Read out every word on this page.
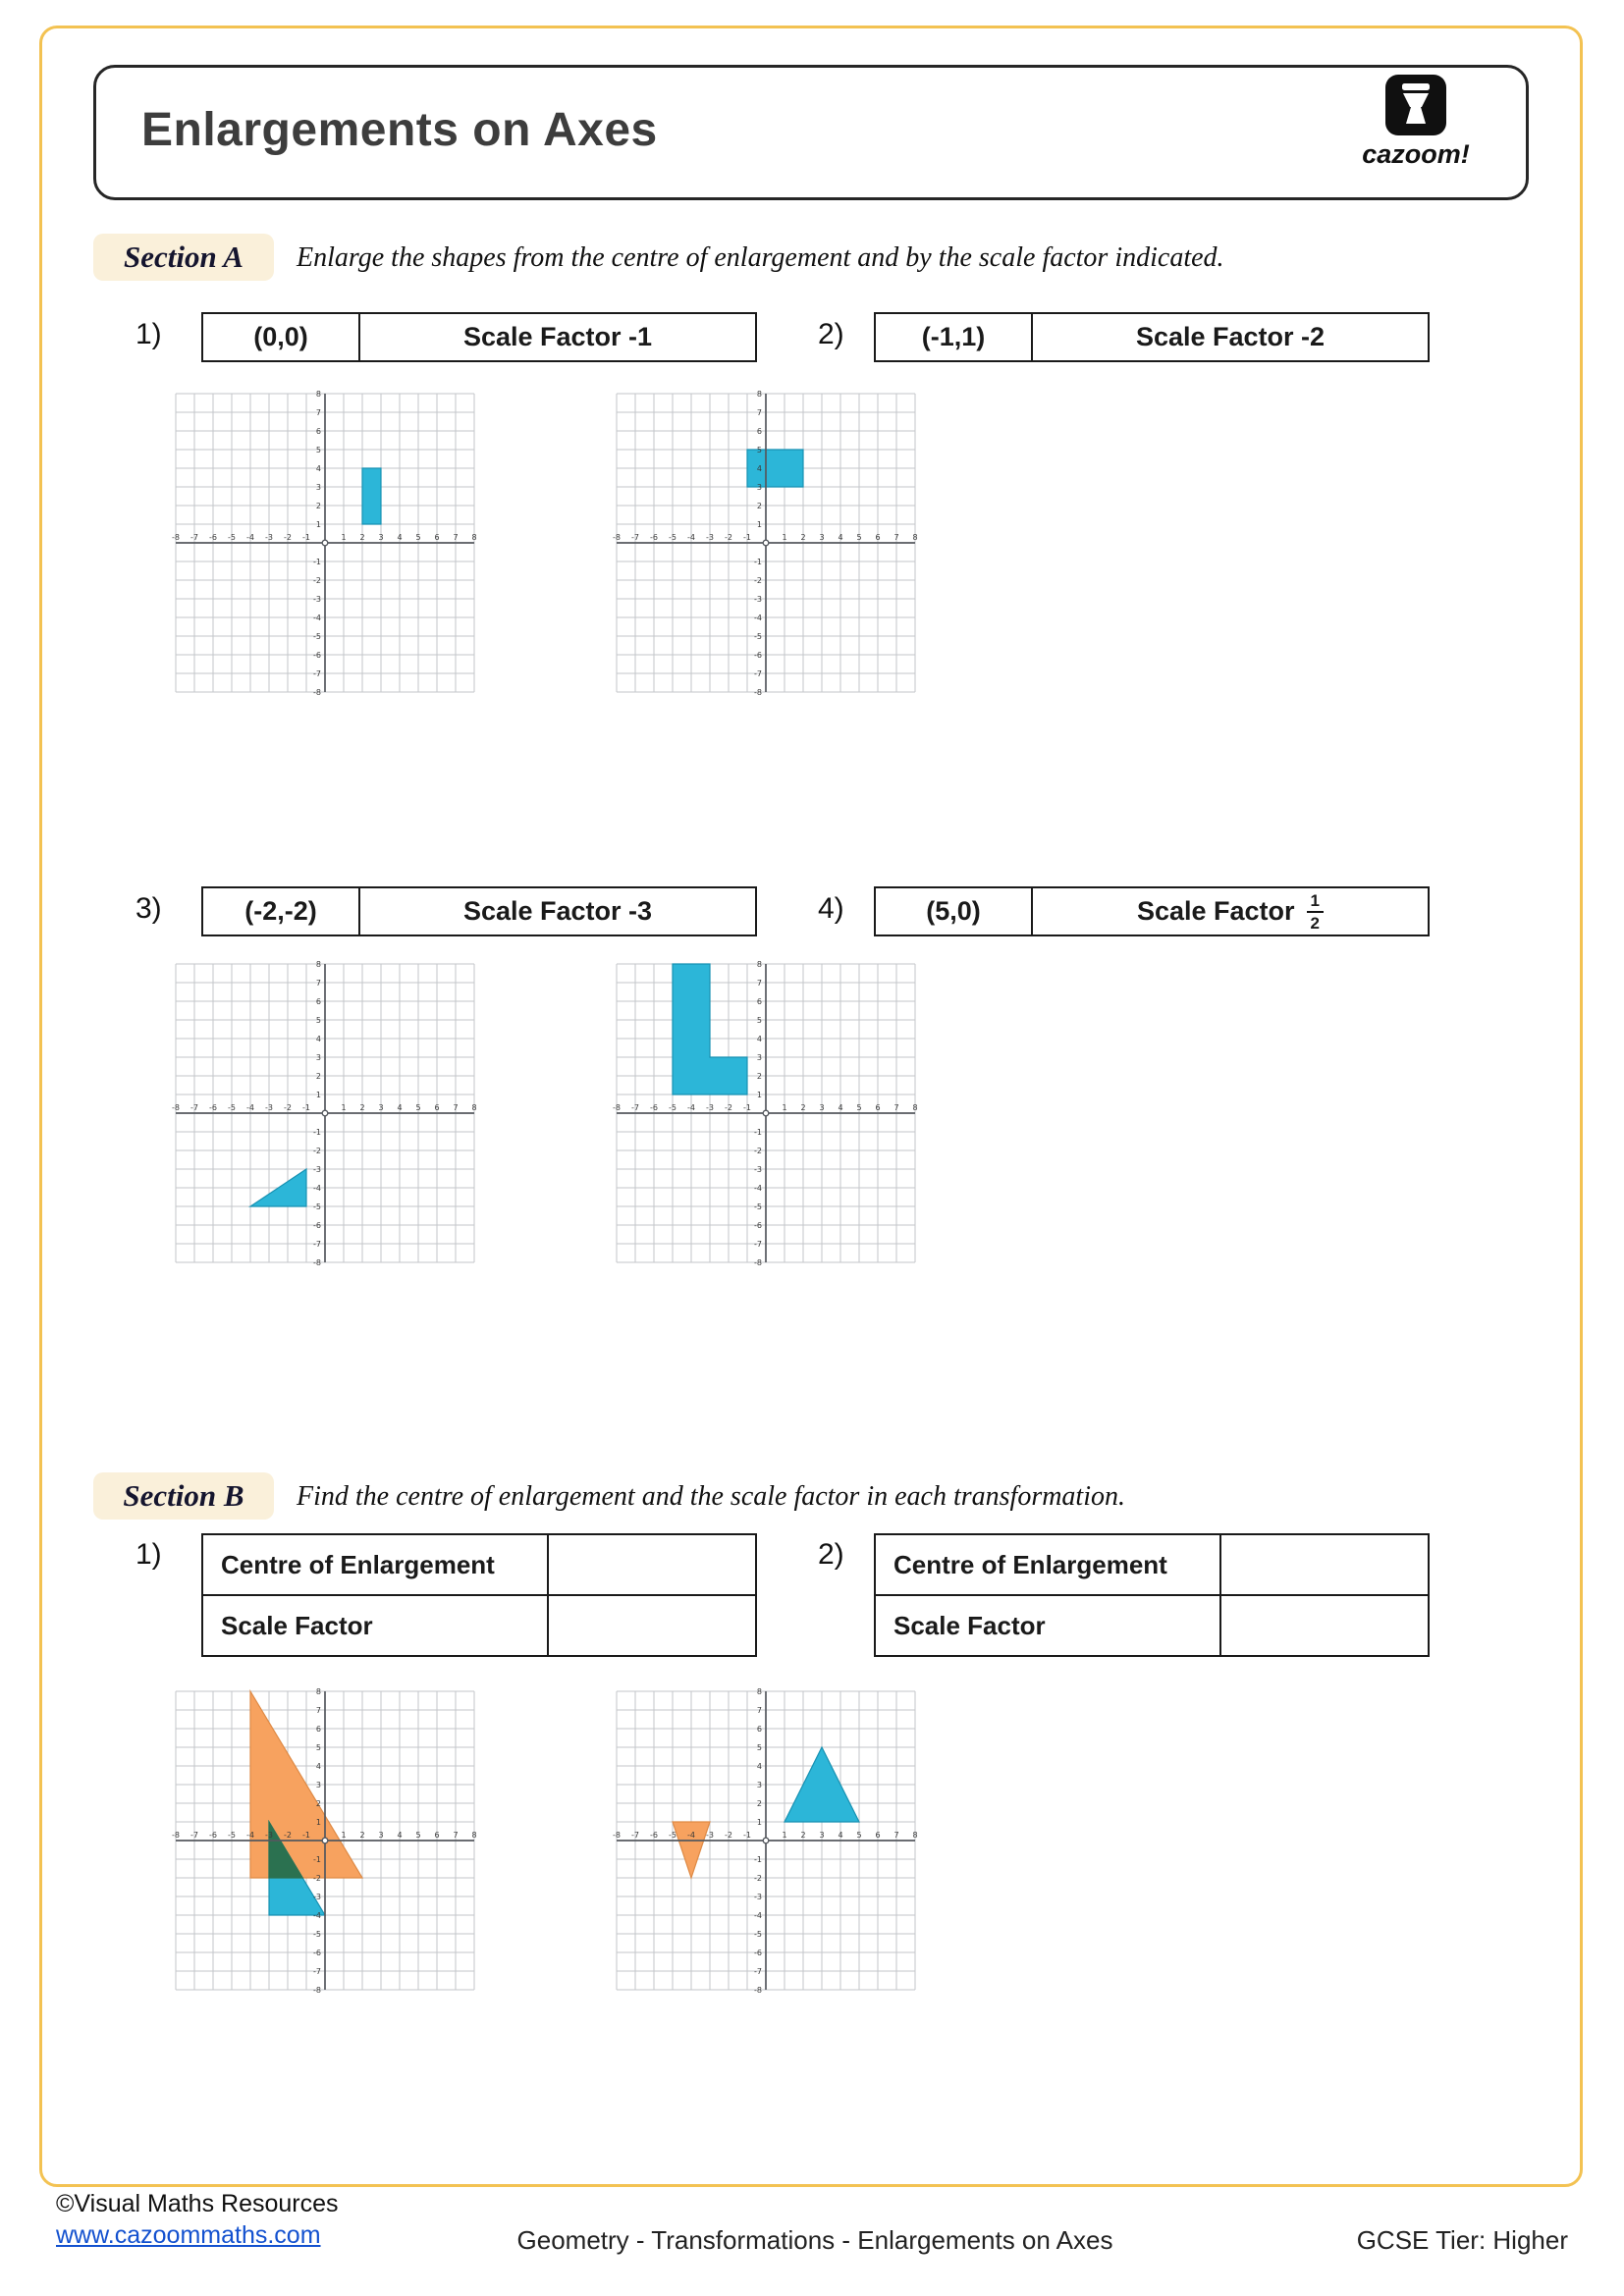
Enlargements on Axes	cazoom!
Section A	Enlarge the shapes from the centre of enlargement and by the scale factor indicated.
1)	(0,0)	Scale Factor -1	2)	(-1,1)	Scale Factor -2
-8
-8
-7
-7
-6
-6
-5
-5
-4
-4
-3
-3
-2
-2
-1
-1
1
1
2
2
3
3
4
4
5
5
6
6
7
7
8
8
-8
-8
-7
-7
-6
-6
-5
-5
-4
-4
-3
-3
-2
-2
-1
-1
1
1
2
2
3
3
4
4
5
5
6
6
7
7
8
8
3)	(-2,-2)	Scale Factor -3	4)	(5,0)	Scale Factor $\frac{1}{2}$
-8
-8
-7
-7
-6
-6
-5
-5
-4
-4
-3
-3
-2
-2
-1
-1
1
1
2
2
3
3
4
4
5
5
6
6
7
7
8
8
-8
-8
-7
-7
-6
-6
-5
-5
-4
-4
-3
-3
-2
-2
-1
-1
1
1
2
2
3
3
4
4
5
5
6
6
7
7
8
8
Section B	Find the centre of enlargement and the scale factor in each transformation.
1)	Centre of Enlargement
Scale Factor
2)	Centre of Enlargement
Scale Factor
-8
-8
-7
-7
-6
-6
-5
-5
-4
-4
-3
-3
-2
-2
-1
-1
1
1
2
2
3
3
4
4
5
5
6
6
7
7
8
8
-8
-8
-7
-7
-6
-6
-5
-5
-4
-4
-3
-3
-2
-2
-1
-1
1
1
2
2
3
3
4
4
5
5
6
6
7
7
8
8
©Visual Maths Resources
www.cazoommaths.com	Geometry - Transformations - Enlargements on Axes	GCSE Tier: Higher
